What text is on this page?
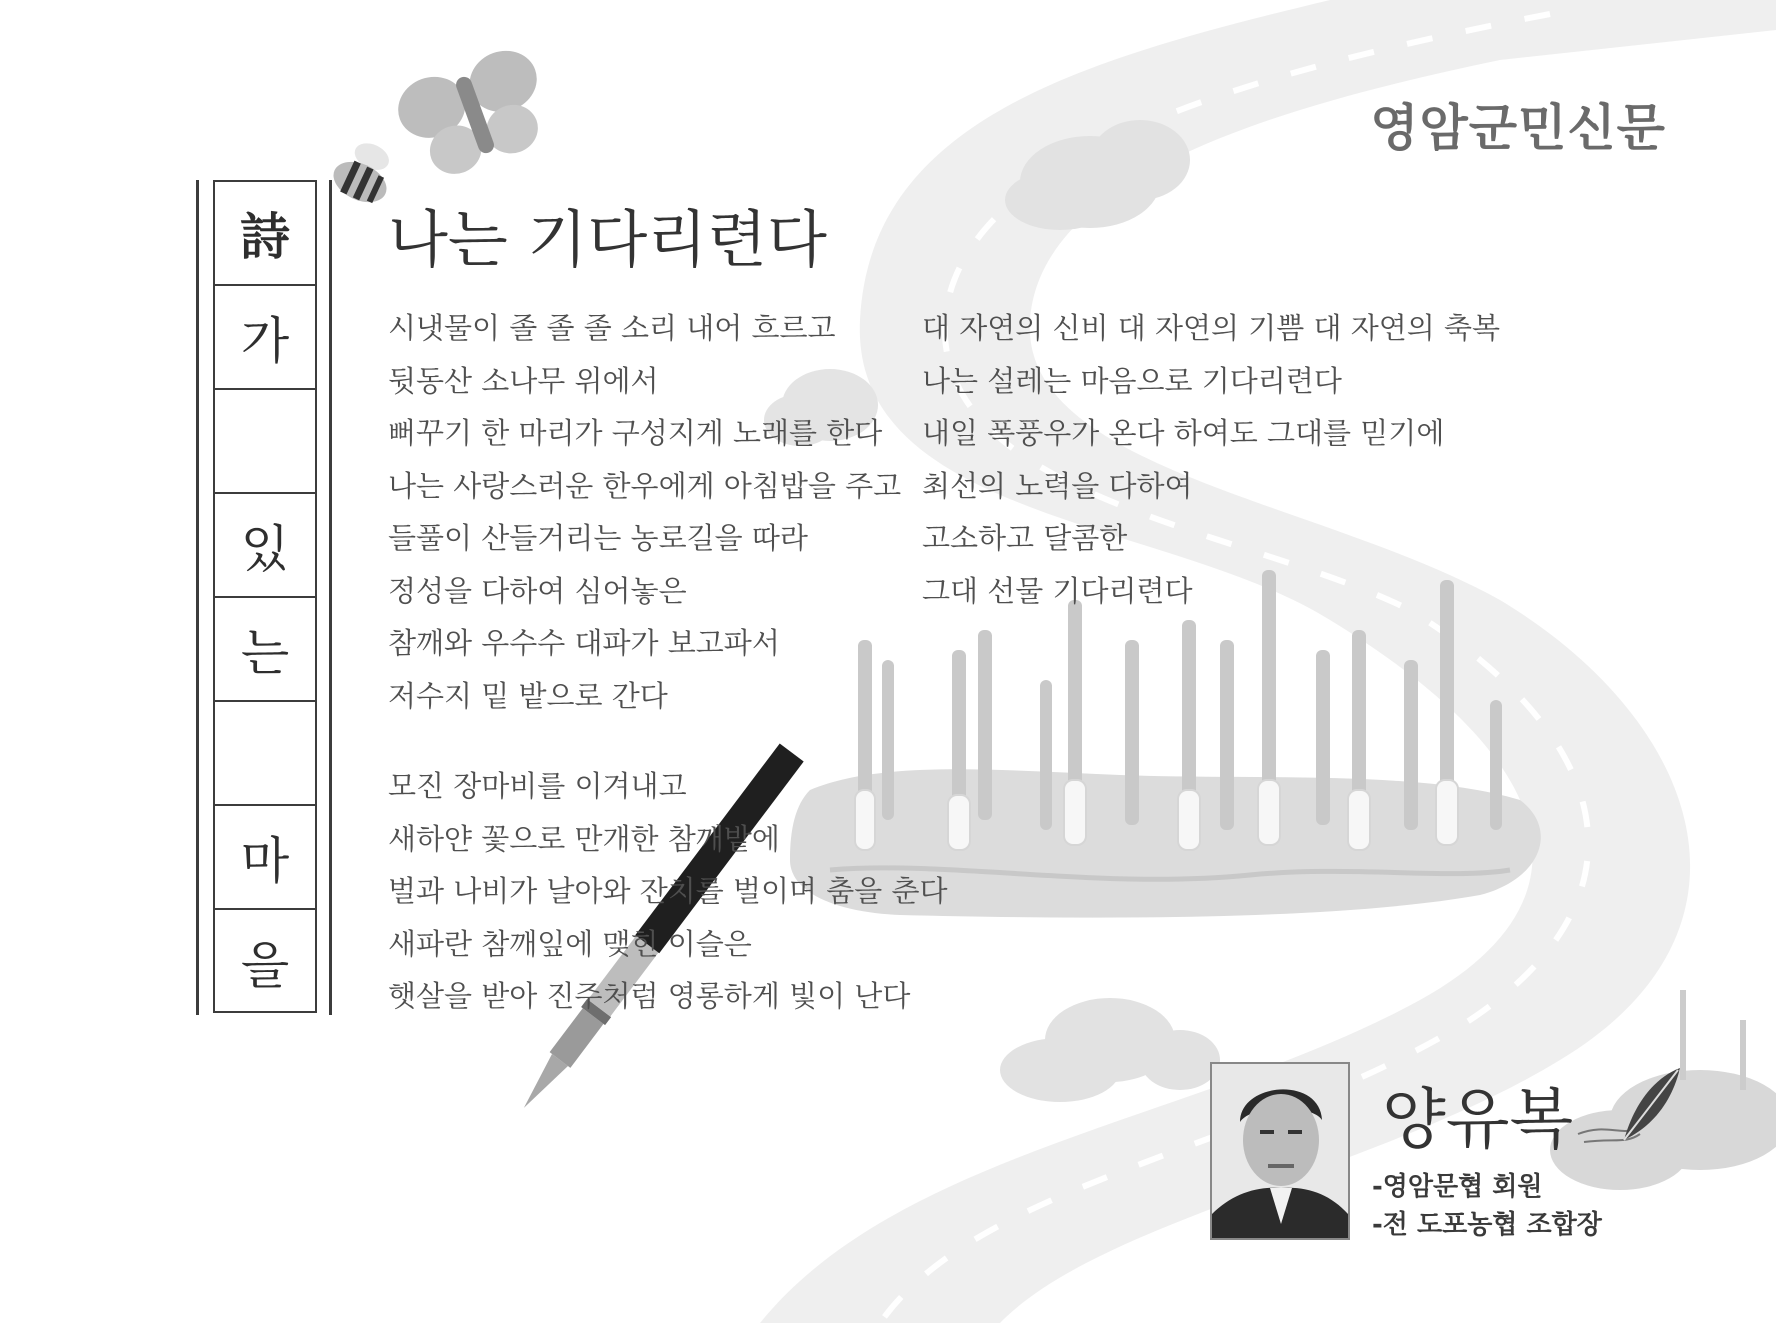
영암군민신문
詩
가
있
는
마
을
나는 기다리련다
시냇물이 졸 졸 졸 소리 내어 흐르고
뒷동산 소나무 위에서
뻐꾸기 한 마리가 구성지게 노래를 한다
나는 사랑스러운 한우에게 아침밥을 주고
들풀이 산들거리는 농로길을 따라
정성을 다하여 심어놓은
참깨와 우수수 대파가 보고파서
저수지 밑 밭으로 간다
모진 장마비를 이겨내고
새하얀 꽃으로 만개한 참깨밭에
벌과 나비가 날아와 잔치를 벌이며 춤을 춘다
새파란 참깨잎에 맺힌 이슬은
햇살을 받아 진주처럼 영롱하게 빛이 난다
대 자연의 신비 대 자연의 기쁨 대 자연의 축복
나는 설레는 마음으로 기다리련다
내일 폭풍우가 온다 하여도 그대를 믿기에
최선의 노력을 다하여
고소하고 달콤한
그대 선물 기다리련다
양유복
-영암문협 회원
-전 도포농협 조합장
